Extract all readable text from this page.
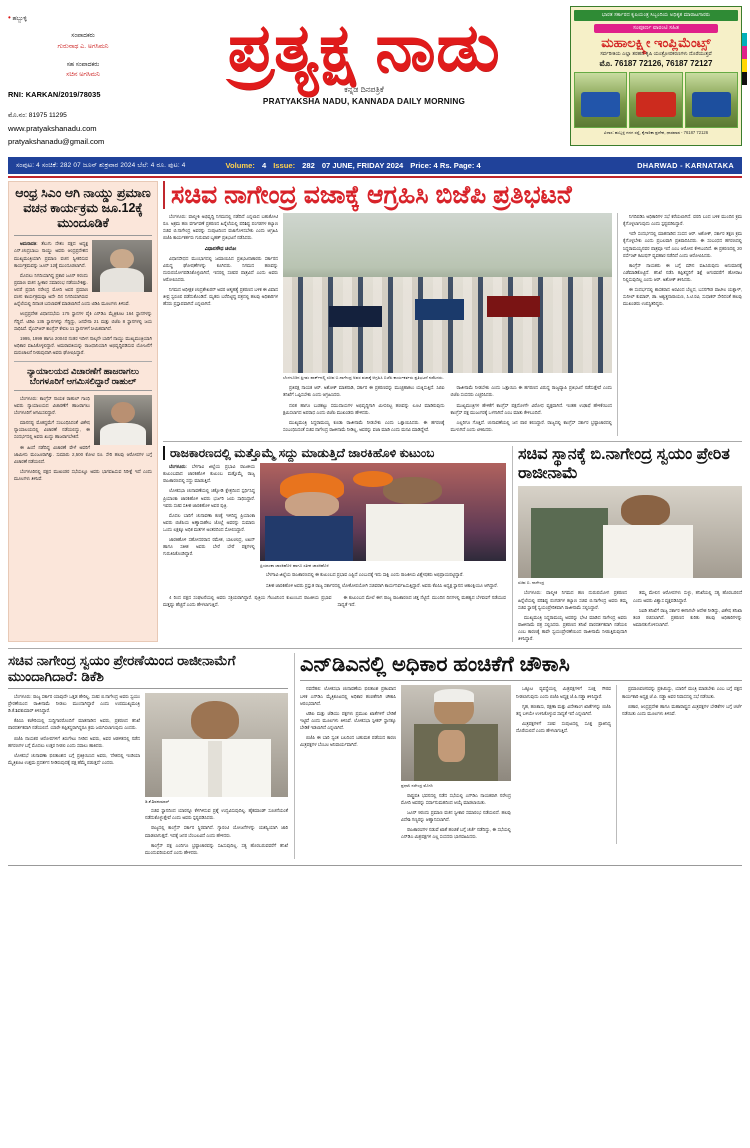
• ಹಬ್ಬುಳ್ಳಿ
ಸಂಪಾದಕರು
ಗುರುನಾಥ ಎ. ಅಗಸಿಮನಿ
ಸಹ ಸಂಪಾದಕರು
ಸಚಿನ ಅಗಸಿಮನಿ
RNI: KARKAN/2019/78035
ಮೊ.ನಂ: 81975 11295
www.pratyakshanadu.com
pratyakshanadu@gmail.com
ಪ್ರತ್ಯಕ್ಷ ನಾಡು
ಕನ್ನಡ ದಿನಪತ್ರಿಕೆ
PRATYAKSHA NADU, KANNADA DAILY MORNING
ಭಾರತ ಸರ್ಕಾರದ ಕೃಷಿಯಂತ್ರ ಸಿಬ್ಬಂದಿಯ ಅಧಿಕೃತ ಮಾರಾಟಗಾರರು
ಸಂಪೂರ್ಣ ವಾರಂಟಿ ಸಹಿತ
ಮಹಾಲಕ್ಷ್ಮೀ ಇಂಪ್ಲಿಮೆಂಟ್ಸ್
ಸರ್ವರೀತಿಯ ಎಲ್ಲಾ ತರಹದ ಕೃಷಿ ಯಂತ್ರೋಪಕರಣಗಳು ದೊರೆಯುತ್ತವೆ
ಮೊ. 76187 72126, 76187 72127
ವಿಳಾಸ: ಹುಬ್ಬಳ್ಳಿ ಗದಗ ರಸ್ತೆ, ಕೈಗಾರಿಕಾ ಪ್ರದೇಶ, ಧಾರವಾಡ - 76187 72126
ಸಂಪುಟ: 4 ಸಂಚಿಕೆ: 282 07 ಜೂನ್ ಶುಕ್ರವಾರ 2024 ಬೆಲೆ: 4 ರೂ. ಪುಟ: 4	Volume: 4 Issue: 282 07 JUNE, FRIDAY 2024 Price: 4 Rs. Page: 4	DHARWAD - KARNATAKA
ಆಂಧ್ರ ಸಿಎಂ ಆಗಿ ನಾಯ್ಡು ಪ್ರಮಾಣ ವಚನ ಕಾರ್ಯಕ್ರಮ ಜೂ.12ಕ್ಕೆ ಮುಂದೂಡಿಕೆ

ಅಮರಾವತಿ: ತೆಲುಗು ದೇಶಂ ಪಕ್ಷದ ಅಧ್ಯಕ್ಷ ಎನ್.ಚಂದ್ರಬಾಬು ನಾಯ್ಡು ಅವರು ಆಂಧ್ರಪ್ರದೇಶದ ಮುಖ್ಯಮಂತ್ರಿಯಾಗಿ ಪ್ರಮಾಣ ವಚನ ಸ್ವೀಕರಿಸುವ ಕಾರ್ಯಕ್ರಮವನ್ನು ಜೂನ್ 12ಕ್ಕೆ ಮುಂದೂಡಲಾಗಿದೆ.

ಮೊದಲು ನಿಗದಿಯಾಗಿದ್ದ ಪ್ರಕಾರ ಜೂನ್ 9ರಂದು ಪ್ರಮಾಣ ವಚನ ಸ್ವೀಕಾರ ಸಮಾರಂಭ ನಡೆಯಬೇಕಿತ್ತು. ಆದರೆ ಪ್ರಧಾನಿ ನರೇಂದ್ರ ಮೋದಿ ಅವರ ಪ್ರಮಾಣ ವಚನ ಕಾರ್ಯಕ್ರಮವೂ ಅದೇ ದಿನ ನಿಗದಿಯಾಗಿರುವ ಹಿನ್ನೆಲೆಯಲ್ಲಿ ದಿನಾಂಕ ಬದಲಾವಣೆ ಮಾಡಲಾಗಿದೆ ಎಂದು ಟಿಡಿಪಿ ಮೂಲಗಳು ತಿಳಿಸಿವೆ.

ಆಂಧ್ರಪ್ರದೇಶ ವಿಧಾನಸಭೆಯ 175 ಸ್ಥಾನಗಳ ಪೈಕಿ ಎನ್‌ಡಿಎ ಮೈತ್ರಿಕೂಟ 164 ಸ್ಥಾನಗಳನ್ನು ಗೆದ್ದಿದೆ. ಟಿಡಿಪಿ 135 ಸ್ಥಾನಗಳನ್ನು ಗೆದ್ದಿದ್ದು, ಜನಸೇನಾ 21 ಮತ್ತು ಬಿಜೆಪಿ 8 ಸ್ಥಾನಗಳಲ್ಲಿ ಜಯ ಸಾಧಿಸಿವೆ. ವೈಎಸ್‌ಆರ್ ಕಾಂಗ್ರೆಸ್ ಕೇವಲ 11 ಸ್ಥಾನಗಳಿಗೆ ಸೀಮಿತವಾಗಿದೆ.

1995, 1999 ಹಾಗೂ 2004ರ ನಂತರ ಇದೀಗ ನಾಲ್ಕನೇ ಬಾರಿಗೆ ನಾಯ್ಡು ಮುಖ್ಯಮಂತ್ರಿಯಾಗಿ ಅಧಿಕಾರ ವಹಿಸಿಕೊಳ್ಳಲಿದ್ದಾರೆ. ಅಮರಾವತಿಯನ್ನು ರಾಜಧಾನಿಯಾಗಿ ಅಭಿವೃದ್ಧಿಪಡಿಸುವ ಯೋಜನೆಗೆ ಮರುಚಾಲನೆ ನೀಡುವುದಾಗಿ ಅವರು ಘೋಷಿಸಿದ್ದಾರೆ.

ನ್ಯಾಯಾಲಯದ ವಿಚಾರಣೆಗೆ ಹಾಜರಾಗಲು ಬೆಂಗಳೂರಿಗೆ ಆಗಮಿಸಲಿದ್ದಾರೆ ರಾಹುಲ್

ಬೆಂಗಳೂರು: ಕಾಂಗ್ರೆಸ್ ನಾಯಕ ರಾಹುಲ್ ಗಾಂಧಿ ಅವರು ನ್ಯಾಯಾಲಯದ ವಿಚಾರಣೆಗೆ ಹಾಜರಾಗಲು ಬೆಂಗಳೂರಿಗೆ ಆಗಮಿಸಲಿದ್ದಾರೆ.

ಮಾನನಷ್ಟ ಮೊಕದ್ದಮೆಗೆ ಸಂಬಂಧಿಸಿದಂತೆ ವಿಶೇಷ ನ್ಯಾಯಾಲಯದಲ್ಲಿ ವಿಚಾರಣೆ ನಡೆಯಲಿದ್ದು, ಈ ಸಂದರ್ಭದಲ್ಲಿ ಅವರು ಖುದ್ದು ಹಾಜರಾಗಬೇಕಿದೆ.

ಈ ಹಿಂದೆ ನಡೆದಿದ್ದ ವಿಚಾರಣೆ ವೇಳೆ ಅವರಿಗೆ ಜಾಮೀನು ಮಂಜೂರಾಗಿತ್ತು. ಸುಮಾರು 2,500 ಕೋಟಿ ರೂ. ಸೇರಿ ಹಲವು ಆರೋಪಗಳ ಬಗ್ಗೆ ವಿಚಾರಣೆ ನಡೆಯಲಿದೆ.

ಬೆಂಗಳೂರಿನಲ್ಲಿ ಪಕ್ಷದ ಮುಖಂಡರ ಸಭೆಯಲ್ಲೂ ಅವರು ಭಾಗವಹಿಸುವ ನಿರೀಕ್ಷೆ ಇದೆ ಎಂದು ಮೂಲಗಳು ತಿಳಿಸಿವೆ.

ಸಚಿವ ನಾಗೇಂದ್ರ ವಜಾಕ್ಕೆ ಆಗ್ರಹಿಸಿ ಬಿಜೆಪಿ ಪ್ರತಿಭಟನೆ

ಬೆಂಗಳೂರು: ವಾಲ್ಮೀಕಿ ಅಭಿವೃದ್ಧಿ ನಿಗಮದಲ್ಲಿ ನಡೆದಿದೆ ಎನ್ನಲಾದ ಬಹುಕೋಟಿ ರೂ. ಅಕ್ರಮ ಹಣ ವರ್ಗಾವಣೆ ಪ್ರಕರಣದ ಹಿನ್ನೆಲೆಯಲ್ಲಿ ಪರಿಶಿಷ್ಟ ಪಂಗಡಗಳ ಕಲ್ಯಾಣ ಸಚಿವ ಬಿ.ನಾಗೇಂದ್ರ ಅವರನ್ನು ಸಂಪುಟದಿಂದ ವಜಾಗೊಳಿಸಬೇಕು ಎಂದು ಆಗ್ರಹಿಸಿ ಬಿಜೆಪಿ ಕಾರ್ಯಕರ್ತರು ಗುರುವಾರ ಬೃಹತ್ ಪ್ರತಿಭಟನೆ ನಡೆಸಿದರು.

ವಿಧಾನಸೌಧ ಚಲೋ

ವಿಧಾನಸೌಧದ ಮುಂಭಾಗದಲ್ಲಿ ಜಮಾಯಿಸಿದ ಪ್ರತಿಭಟನಾಕಾರರು ಸರ್ಕಾರದ ವಿರುದ್ಧ ಘೋಷಣೆಗಳನ್ನು ಕೂಗಿದರು. ನಿಗಮದ ಹಣವನ್ನು ದುರುಪಯೋಗಪಡಿಸಿಕೊಳ್ಳಲಾಗಿದೆ, ಇದರಲ್ಲಿ ಸಚಿವರ ಪಾತ್ರವಿದೆ ಎಂದು ಅವರು ಆರೋಪಿಸಿದರು.

ನಿಗಮದ ಅಧೀಕ್ಷಕ ಚಂದ್ರಶೇಖರನ್ ಅವರ ಆತ್ಮಹತ್ಯೆ ಪ್ರಕರಣದ ಬಳಿಕ ಈ ವಿವಾದ ತೀವ್ರ ಸ್ವರೂಪ ಪಡೆದುಕೊಂಡಿದೆ. ಮೃತರು ಬರೆದಿಟ್ಟಿದ್ದ ಪತ್ರದಲ್ಲಿ ಹಲವು ಅಧಿಕಾರಿಗಳ ಹೆಸರು ಪ್ರಸ್ತಾಪವಾಗಿದೆ ಎನ್ನಲಾಗಿದೆ.

ಬೆಂಗಳೂರಿನ ಫ್ರೀಡಂ ಪಾರ್ಕ್‌ನಲ್ಲಿ ಸಚಿವ ಬಿ.ನಾಗೇಂದ್ರ ಅವರ ವಜಾಕ್ಕೆ ಆಗ್ರಹಿಸಿ ಬಿಜೆಪಿ ಕಾರ್ಯಕರ್ತರು ಪ್ರತಿಭಟನೆ ನಡೆಸಿದರು.

ಪ್ರತಿಪಕ್ಷ ನಾಯಕ ಆರ್. ಅಶೋಕ್ ಮಾತನಾಡಿ, ಸರ್ಕಾರ ಈ ಪ್ರಕರಣವನ್ನು ಮುಚ್ಚಿಹಾಕಲು ಯತ್ನಿಸುತ್ತಿದೆ. ಸಿಬಿಐ ತನಿಖೆಗೆ ಒಪ್ಪಿಸಬೇಕು ಎಂದು ಆಗ್ರಹಿಸಿದರು.

ದಲಿತ ಹಾಗೂ ಬುಡಕಟ್ಟು ಸಮುದಾಯಗಳ ಅಭಿವೃದ್ಧಿಗಾಗಿ ಮೀಸಲಿಟ್ಟ ಹಣವನ್ನು ಲೂಟಿ ಮಾಡಿರುವುದು ಕ್ಷಮಿಸಲಾಗದ ಅಪರಾಧ ಎಂದು ಬಿಜೆಪಿ ಮುಖಂಡರು ಹೇಳಿದರು.

ಮುಖ್ಯಮಂತ್ರಿ ಸಿದ್ದರಾಮಯ್ಯ ಕೂಡಾ ರಾಜೀನಾಮೆ ನೀಡಬೇಕು ಎಂದು ಒತ್ತಾಯಿಸಿದರು. ಈ ಹಗರಣಕ್ಕೆ ಸಂಬಂಧಿಸಿದಂತೆ ಸಚಿವ ನಾಗೇಂದ್ರ ರಾಜೀನಾಮೆ ನೀಡಿಲ್ಲ, ಅವರನ್ನು ವಜಾ ಮಾಡಿ ಎಂದು ಮನವಿ ಮಾಡಿದ್ದೇವೆ.

ರಾಜೀನಾಮೆ ನೀಡಬೇಕು ಎಂದು ಒತ್ತಾಯಿಸಿ ಈ ಹಗರಣದ ವಿರುದ್ಧ ರಾಜ್ಯವ್ಯಾಪಿ ಪ್ರತಿಭಟನೆ ನಡೆಸುತ್ತೇವೆ ಎಂದು ಬಿಜೆಪಿ ಸಂಸದರು ಎಚ್ಚರಿಸಿದರು.

ಮುಖ್ಯಮಂತ್ರಿಗಳ ಹೇಳಿಕೆಗೆ ಕಾಂಗ್ರೆಸ್ ಪಕ್ಷದೊಳಗೇ ವಿರೋಧ ವ್ಯಕ್ತವಾಗಿದೆ. ಇಂತಹ ಉಢಾಫೆ ಹೇಳಿಕೆಯಿಂದ ಕಾಂಗ್ರೆಸ್ ಪಕ್ಷ ಮುಜುಗರಕ್ಕೆ ಒಳಗಾಗಿದೆ ಎಂಬ ಮಾತು ಕೇಳಿಬಂದಿದೆ.

ಎಲ್ಲರಿಗೂ ಗೊತ್ತಿದೆ. ಚುನಾವಣೆಯಲ್ಲಿ ಜನ ಪಾಠ ಕಲಿಸಿದ್ದಾರೆ. ರಾಜ್ಯದಲ್ಲಿ ಕಾಂಗ್ರೆಸ್ ಸರ್ಕಾರ ಭ್ರಷ್ಟಾಚಾರದಲ್ಲಿ ಮುಳುಗಿದೆ ಎಂದು ಟೀಕಿಸಿದರು.

ನಿಗದಿಪಡಿಸಿ ಅಧಿಕಾರಿಗಳ ಸಭೆ ಕರೆಯಲಾಗಿದೆ. ವರದಿ ಬಂದ ಬಳಿಕ ಮುಂದಿನ ಕ್ರಮ ಕೈಗೊಳ್ಳಲಾಗುವುದು ಎಂದು ಸ್ಪಷ್ಟಪಡಿಸಿದ್ದಾರೆ.

ಇದೇ ಸಂದರ್ಭದಲ್ಲಿ ಮಾತನಾಡಿದ ಸಂಸದ ಆರ್. ಅಶೋಕ್, ಸರ್ಕಾರ ತಕ್ಷಣ ಕ್ರಮ ಕೈಗೊಳ್ಳಬೇಕು ಎಂದು ಪ್ರಬಲವಾಗಿ ಪ್ರತಿಪಾದಿಸಿದರು. ಈ ಸಂಬಂಧದ ಹಗರಣದಲ್ಲಿ ಸಿದ್ದರಾಮಯ್ಯನವರ ಪಾತ್ರವೂ ಇದೆ ಎಂಬ ಆರೋಪ ಕೇಳಿಬಂದಿದೆ. ಈ ಪ್ರಕರಣದಲ್ಲಿ 20 ಪರ್ಸೆಂಟ್ ಕಮಿಷನ್ ವ್ಯವಹಾರ ನಡೆದಿದೆ ಎಂದು ಆರೋಪಿಸಿದರು.

ಕಾಂಗ್ರೆಸ್ ನಾಯಕರು ಈ ಬಗ್ಗೆ ಮೌನ ವಹಿಸಿರುವುದು ಅನುಮಾನಕ್ಕೆ ಎಡೆಮಾಡಿಕೊಟ್ಟಿದೆ. ತನಿಖೆ ನಡೆಸಿ ತಪ್ಪಿತಸ್ಥರಿಗೆ ಶಿಕ್ಷೆ ಆಗುವವರೆಗೆ ಹೋರಾಟ ನಿಲ್ಲಿಸುವುದಿಲ್ಲ ಎಂದು ಆರ್. ಅಶೋಕ್ ತಿಳಿಸಿದರು.

ಈ ಸಂದರ್ಭದಲ್ಲಿ ಶಾಸಕರಾದ ಅರವಿಂದ ಬೆಲ್ಲದ, ಬಸನಗೌಡ ಪಾಟೀಲ ಯತ್ನಾಳ್, ಸುನೀಲ್ ಕುಮಾರ್, ಡಾ. ಅಶ್ವತ್ಥನಾರಾಯಣ, ಸಿ.ಟಿ.ರವಿ, ಸುಧಾಕರ್ ಸೇರಿದಂತೆ ಹಲವು ಮುಖಂಡರು ಉಪಸ್ಥಿತರಿದ್ದರು.

ರಾಜಕಾರಣದಲ್ಲಿ ಮತ್ತೊಮ್ಮೆ ಸದ್ದು ಮಾಡುತ್ತಿದೆ ಜಾರಕಿಹೊಳಿ ಕುಟುಂಬ

ಬೆಂಗಳೂರು: ಬೆಳಗಾವಿ ಜಿಲ್ಲೆಯ ಪ್ರಭಾವಿ ರಾಜಕೀಯ ಕುಟುಂಬವಾದ ಜಾರಕಿಹೊಳಿ ಕುಟುಂಬ ಮತ್ತೊಮ್ಮೆ ರಾಜ್ಯ ರಾಜಕಾರಣದಲ್ಲಿ ಸದ್ದು ಮಾಡುತ್ತಿದೆ.

ಲೋಕಸಭಾ ಚುನಾವಣೆಯಲ್ಲಿ ಚಿಕ್ಕೋಡಿ ಕ್ಷೇತ್ರದಿಂದ ಸ್ಪರ್ಧಿಸಿದ್ದ ಪ್ರಿಯಾಂಕಾ ಜಾರಕಿಹೊಳಿ ಅವರು ಭರ್ಜರಿ ಜಯ ಸಾಧಿಸಿದ್ದಾರೆ. ಇವರು ಸಚಿವ ಸತೀಶ ಜಾರಕಿಹೊಳಿ ಅವರ ಪುತ್ರಿ.

ಮೊದಲ ಬಾರಿಗೆ ಚುನಾವಣಾ ಕಣಕ್ಕೆ ಇಳಿದಿದ್ದ ಪ್ರಿಯಾಂಕಾ ಅವರು ಬಿಜೆಪಿಯ ಅಣ್ಣಾಸಾಹೇಬ ಜೊಲ್ಲೆ ಅವರನ್ನು ಸುಮಾರು ಒಂದು ಲಕ್ಷಕ್ಕೂ ಅಧಿಕ ಮತಗಳ ಅಂತರದಿಂದ ಸೋಲಿಸಿದ್ದಾರೆ.

ಜಾರಕಿಹೊಳಿ ಸಹೋದರರಾದ ರಮೇಶ, ಬಾಲಚಂದ್ರ, ಲಖನ್ ಹಾಗೂ ಸತೀಶ ಅವರು ಬೇರೆ ಬೇರೆ ಪಕ್ಷಗಳಲ್ಲಿ ಗುರುತಿಸಿಕೊಂಡಿದ್ದಾರೆ.

ಪ್ರಿಯಾಂಕಾ ಜಾರಕಿಹೊಳಿ ಹಾಗೂ ಸತೀಶ ಜಾರಕಿಹೊಳಿ

ಬೆಳಗಾವಿ ಜಿಲ್ಲೆಯ ರಾಜಕಾರಣದಲ್ಲಿ ಈ ಕುಟುಂಬದ ಪ್ರಭಾವ ಎಷ್ಟಿದೆ ಎಂಬುದಕ್ಕೆ ಇದು ಸಾಕ್ಷಿ ಎಂದು ರಾಜಕೀಯ ವಿಶ್ಲೇಷಕರು ಅಭಿಪ್ರಾಯಪಟ್ಟಿದ್ದಾರೆ.

ಸತೀಶ ಜಾರಕಿಹೊಳಿ ಅವರು ಪ್ರಸ್ತುತ ರಾಜ್ಯ ಸರ್ಕಾರದಲ್ಲಿ ಲೋಕೋಪಯೋಗಿ ಸಚಿವರಾಗಿ ಕಾರ್ಯನಿರ್ವಹಿಸುತ್ತಿದ್ದಾರೆ. ಅವರು ಕೆಪಿಸಿಸಿ ಅಧ್ಯಕ್ಷ ಸ್ಥಾನದ ಆಕಾಂಕ್ಷಿಯೂ ಆಗಿದ್ದಾರೆ.

4 ರಿಂದ ಪಕ್ಷದ ಸಂಘಟನೆಯಲ್ಲಿ ಅವರು ಸಕ್ರಿಯರಾಗಿದ್ದಾರೆ. ಪುತ್ರಿಯ ಗೆಲುವಿನಿಂದ ಕುಟುಂಬದ ರಾಜಕೀಯ ಪ್ರಭಾವ ಮತ್ತಷ್ಟು ಹೆಚ್ಚಿದೆ ಎಂದು ಹೇಳಲಾಗುತ್ತಿದೆ.

ಈ ಕುಟುಂಬದ ಮೇಲೆ ಈಗ ರಾಜ್ಯ ರಾಜಕಾರಣದ ಚಿತ್ತ ನೆಟ್ಟಿದೆ. ಮುಂದಿನ ದಿನಗಳಲ್ಲಿ ಮಹತ್ವದ ಬೆಳವಣಿಗೆ ನಡೆಯುವ ಸಾಧ್ಯತೆ ಇದೆ.

ಸಚಿವ ಸ್ಥಾನಕ್ಕೆ ಬಿ.ನಾಗೇಂದ್ರ ಸ್ವಯಂ ಪ್ರೇರಿತ ರಾಜೀನಾಮೆ
ಸಚಿವ ಬಿ. ನಾಗೇಂದ್ರ

ಬೆಂಗಳೂರು: ವಾಲ್ಮೀಕಿ ನಿಗಮದ ಹಣ ದುರುಪಯೋಗ ಪ್ರಕರಣದ ಹಿನ್ನೆಲೆಯಲ್ಲಿ ಪರಿಶಿಷ್ಟ ಪಂಗಡಗಳ ಕಲ್ಯಾಣ ಸಚಿವ ಬಿ.ನಾಗೇಂದ್ರ ಅವರು ತಮ್ಮ ಸಚಿವ ಸ್ಥಾನಕ್ಕೆ ಸ್ವಯಂಪ್ರೇರಿತವಾಗಿ ರಾಜೀನಾಮೆ ಸಲ್ಲಿಸಿದ್ದಾರೆ.

ಮುಖ್ಯಮಂತ್ರಿ ಸಿದ್ದರಾಮಯ್ಯ ಅವರನ್ನು ಭೇಟಿ ಮಾಡಿದ ನಾಗೇಂದ್ರ ಅವರು ರಾಜೀನಾಮೆ ಪತ್ರ ಸಲ್ಲಿಸಿದರು. ಪ್ರಕರಣದ ತನಿಖೆ ಪಾರದರ್ಶಕವಾಗಿ ನಡೆಯಲಿ ಎಂಬ ಕಾರಣಕ್ಕೆ ತಾವೇ ಸ್ವಯಂಪ್ರೇರಣೆಯಿಂದ ರಾಜೀನಾಮೆ ನೀಡುತ್ತಿರುವುದಾಗಿ ತಿಳಿಸಿದ್ದಾರೆ.

ತಮ್ಮ ಮೇಲಿನ ಆರೋಪಗಳು ಸುಳ್ಳು, ತನಿಖೆಯಲ್ಲಿ ಸತ್ಯ ಹೊರಬರಲಿದೆ ಎಂದು ಅವರು ವಿಶ್ವಾಸ ವ್ಯಕ್ತಪಡಿಸಿದ್ದಾರೆ.

ಸಿಐಡಿ ತನಿಖೆಗೆ ರಾಜ್ಯ ಸರ್ಕಾರ ಈಗಾಗಲೇ ಆದೇಶ ನೀಡಿದ್ದು, ವಿಶೇಷ ತನಿಖಾ ತಂಡ ರಚಿಸಲಾಗಿದೆ. ಪ್ರಕರಣದ ಕುರಿತು ಹಲವು ಅಧಿಕಾರಿಗಳನ್ನು ಅಮಾನತುಗೊಳಿಸಲಾಗಿದೆ.

ಸಚಿವ ನಾಗೇಂದ್ರ ಸ್ವಯಂ ಪ್ರೇರಣೆಯಿಂದ ರಾಜೀನಾಮೆಗೆ ಮುಂದಾಗಿದಾರೆ: ಡಿಕೆಶಿ

ಬೆಂಗಳೂರು: ರಾಜ್ಯ ಸರ್ಕಾರ ಯಾವುದೇ ಒತ್ತಡ ಹೇರಿಲ್ಲ, ಸಚಿವ ಬಿ.ನಾಗೇಂದ್ರ ಅವರು ಸ್ವಯಂ ಪ್ರೇರಣೆಯಿಂದ ರಾಜೀನಾಮೆ ನೀಡಲು ಮುಂದಾಗಿದ್ದಾರೆ ಎಂದು ಉಪಮುಖ್ಯಮಂತ್ರಿ ಡಿ.ಕೆ.ಶಿವಕುಮಾರ್ ತಿಳಿಸಿದ್ದಾರೆ.

ಕೆಪಿಸಿಸಿ ಕಚೇರಿಯಲ್ಲಿ ಸುದ್ದಿಗಾರರೊಂದಿಗೆ ಮಾತನಾಡಿದ ಅವರು, ಪ್ರಕರಣದ ತನಿಖೆ ಪಾರದರ್ಶಕವಾಗಿ ನಡೆಯಲಿದೆ. ಯಾರೇ ತಪ್ಪಿತಸ್ಥರಾಗಿದ್ದರೂ ಕ್ರಮ ಜರುಗಿಸಲಾಗುವುದು ಎಂದರು.

ಬಿಜೆಪಿ ನಾಯಕರ ಆರೋಪಗಳಿಗೆ ತಿರುಗೇಟು ನೀಡಿದ ಅವರು, ಅವರ ಆಡಳಿತದಲ್ಲಿ ನಡೆದ ಹಗರಣಗಳ ಬಗ್ಗೆ ಮೊದಲು ಉತ್ತರ ನೀಡಲಿ ಎಂದು ಸವಾಲು ಹಾಕಿದರು.

ಲೋಕಸಭೆ ಚುನಾವಣಾ ಫಲಿತಾಂಶದ ಬಗ್ಗೆ ಪ್ರತಿಕ್ರಿಯಿಸಿದ ಅವರು, 'ದೇಶದಲ್ಲಿ ಇಂಡಿಯಾ ಮೈತ್ರಿಕೂಟ ಉತ್ತಮ ಪ್ರದರ್ಶನ ನೀಡಿರುವುದಕ್ಕೆ ಪಕ್ಷ ಹೆಮ್ಮೆ ಪಡುತ್ತದೆ' ಎಂದರು.

ಡಿ.ಕೆ.ಶಿವಕುಮಾರ್

ಸಚಿವ ಸ್ಥಾನದಿಂದ ಯಾರನ್ನೂ ಕೆಳಗಿಳಿಸುವ ಪ್ರಶ್ನೆ ಉದ್ಭವಿಸುವುದಿಲ್ಲ. ಹೈಕಮಾಂಡ್ ಸೂಚನೆಯಂತೆ ನಡೆದುಕೊಳ್ಳುತ್ತೇವೆ ಎಂದು ಅವರು ಸ್ಪಷ್ಟಪಡಿಸಿದರು.

ರಾಜ್ಯದಲ್ಲಿ ಕಾಂಗ್ರೆಸ್ ಸರ್ಕಾರ ಸ್ಥಿರವಾಗಿದೆ. ಗ್ಯಾರಂಟಿ ಯೋಜನೆಗಳನ್ನು ಯಶಸ್ವಿಯಾಗಿ ಜಾರಿ ಮಾಡಲಾಗುತ್ತದೆ. ಇದಕ್ಕೆ ಜನರ ಬೆಂಬಲವಿದೆ ಎಂದು ಹೇಳಿದರು.

ಕಾಂಗ್ರೆಸ್ ಪಕ್ಷ ಎಂದಿಗೂ ಭ್ರಷ್ಟಾಚಾರವನ್ನು ಸಹಿಸುವುದಿಲ್ಲ. ಸತ್ಯ ಹೊರಬರುವವರೆಗೆ ತನಿಖೆ ಮುಂದುವರಿಯಲಿದೆ ಎಂದು ಹೇಳಿದರು.

ಎನ್‌ಡಿಎನಲ್ಲಿ ಅಧಿಕಾರ ಹಂಚಿಕೆಗೆ ಚೌಕಾಸಿ

ನವದೆಹಲಿ: ಲೋಕಸಭಾ ಚುನಾವಣೆಯ ಫಲಿತಾಂಶ ಪ್ರಕಟವಾದ ಬಳಿಕ ಎನ್‌ಡಿಎ ಮೈತ್ರಿಕೂಟದಲ್ಲಿ ಅಧಿಕಾರ ಹಂಚಿಕೆಗಾಗಿ ಚೌಕಾಸಿ ಆರಂಭವಾಗಿದೆ.

ಟಿಡಿಪಿ ಮತ್ತು ಜೆಡಿಯು ಪಕ್ಷಗಳು ಪ್ರಮುಖ ಖಾತೆಗಳಿಗೆ ಬೇಡಿಕೆ ಇಟ್ಟಿವೆ ಎಂದು ಮೂಲಗಳು ತಿಳಿಸಿವೆ. ಲೋಕಸಭಾ ಸ್ಪೀಕರ್ ಸ್ಥಾನಕ್ಕೂ ಬೇಡಿಕೆ ಇಡಲಾಗಿದೆ ಎನ್ನಲಾಗಿದೆ.

ಬಿಜೆಪಿ ಈ ಬಾರಿ ಸ್ವಂತ ಬಲದಿಂದ ಬಹುಮತ ಪಡೆಯದ ಕಾರಣ ಮಿತ್ರಪಕ್ಷಗಳ ಬೆಂಬಲ ಅನಿವಾರ್ಯವಾಗಿದೆ.

ಪ್ರಧಾನಿ ನರೇಂದ್ರ ಮೋದಿ

ರಾಷ್ಟ್ರಪತಿ ಭವನದಲ್ಲಿ ನಡೆದ ಸಭೆಯಲ್ಲಿ ಎನ್‌ಡಿಎ ನಾಯಕರಾಗಿ ನರೇಂದ್ರ ಮೋದಿ ಅವರನ್ನು ಸರ್ವಾನುಮತದಿಂದ ಆಯ್ಕೆ ಮಾಡಲಾಯಿತು.

ಜೂನ್ 9ರಂದು ಪ್ರಮಾಣ ವಚನ ಸ್ವೀಕಾರ ಸಮಾರಂಭ ನಡೆಯಲಿದೆ. ಹಲವು ವಿದೇಶಿ ಗಣ್ಯರನ್ನು ಆಹ್ವಾನಿಸಲಾಗಿದೆ.

ರಾಜಕಾರಣಿಗಳ ನಡುವೆ ಖಾತೆ ಹಂಚಿಕೆ ಬಗ್ಗೆ ಚರ್ಚೆ ನಡೆದಿದ್ದು, ಈ ಸಭೆಯಲ್ಲಿ ಎನ್‌ಡಿಎ ಮಿತ್ರಪಕ್ಷಗಳ ಎಲ್ಲ ಸಂಸದರು ಭಾಗವಹಿಸಿದರು.

ಒಕ್ಕೂಟ ವ್ಯವಸ್ಥೆಯಲ್ಲಿ ಮಿತ್ರಪಕ್ಷಗಳಿಗೆ ಸೂಕ್ತ ಗೌರವ ನೀಡಲಾಗುವುದು ಎಂದು ಬಿಜೆಪಿ ಅಧ್ಯಕ್ಷ ಜೆ.ಪಿ.ನಡ್ಡಾ ತಿಳಿಸಿದ್ದಾರೆ.

ಗೃಹ, ಹಣಕಾಸು, ರಕ್ಷಣಾ ಮತ್ತು ವಿದೇಶಾಂಗ ಖಾತೆಗಳನ್ನು ಬಿಜೆಪಿ ತನ್ನ ಬಳಿಯೇ ಉಳಿಸಿಕೊಳ್ಳುವ ಸಾಧ್ಯತೆ ಇದೆ ಎನ್ನಲಾಗಿದೆ.

ಮಿತ್ರಪಕ್ಷಗಳಿಗೆ ಸಚಿವ ಸಂಪುಟದಲ್ಲಿ ಸೂಕ್ತ ಪ್ರಾತಿನಿಧ್ಯ ದೊರೆಯಲಿದೆ ಎಂದು ಹೇಳಲಾಗುತ್ತಿದೆ.

ಪ್ರಮಾಣವಚನವನ್ನು ಪ್ರಕಟಿಸಿದ್ದು, ಯಾರಿಗೆ ಮಂತ್ರಿ ಮಾಡಬೇಕು ಎಂಬ ಬಗ್ಗೆ ಪಕ್ಷದ ಕಾರ್ಯಕಾರಿ ಅಧ್ಯಕ್ಷ ಜೆ.ಪಿ. ನಡ್ಡಾ ಅವರ ನಿವಾಸದಲ್ಲಿ ಸಭೆ ನಡೆಯಿತು.

ಬಿಹಾರ, ಆಂಧ್ರಪ್ರದೇಶ ಹಾಗೂ ಮಹಾರಾಷ್ಟ್ರದ ಮಿತ್ರಪಕ್ಷಗಳ ಬೇಡಿಕೆಗಳ ಬಗ್ಗೆ ಚರ್ಚೆ ನಡೆಯಿತು ಎಂದು ಮೂಲಗಳು ತಿಳಿಸಿವೆ.
